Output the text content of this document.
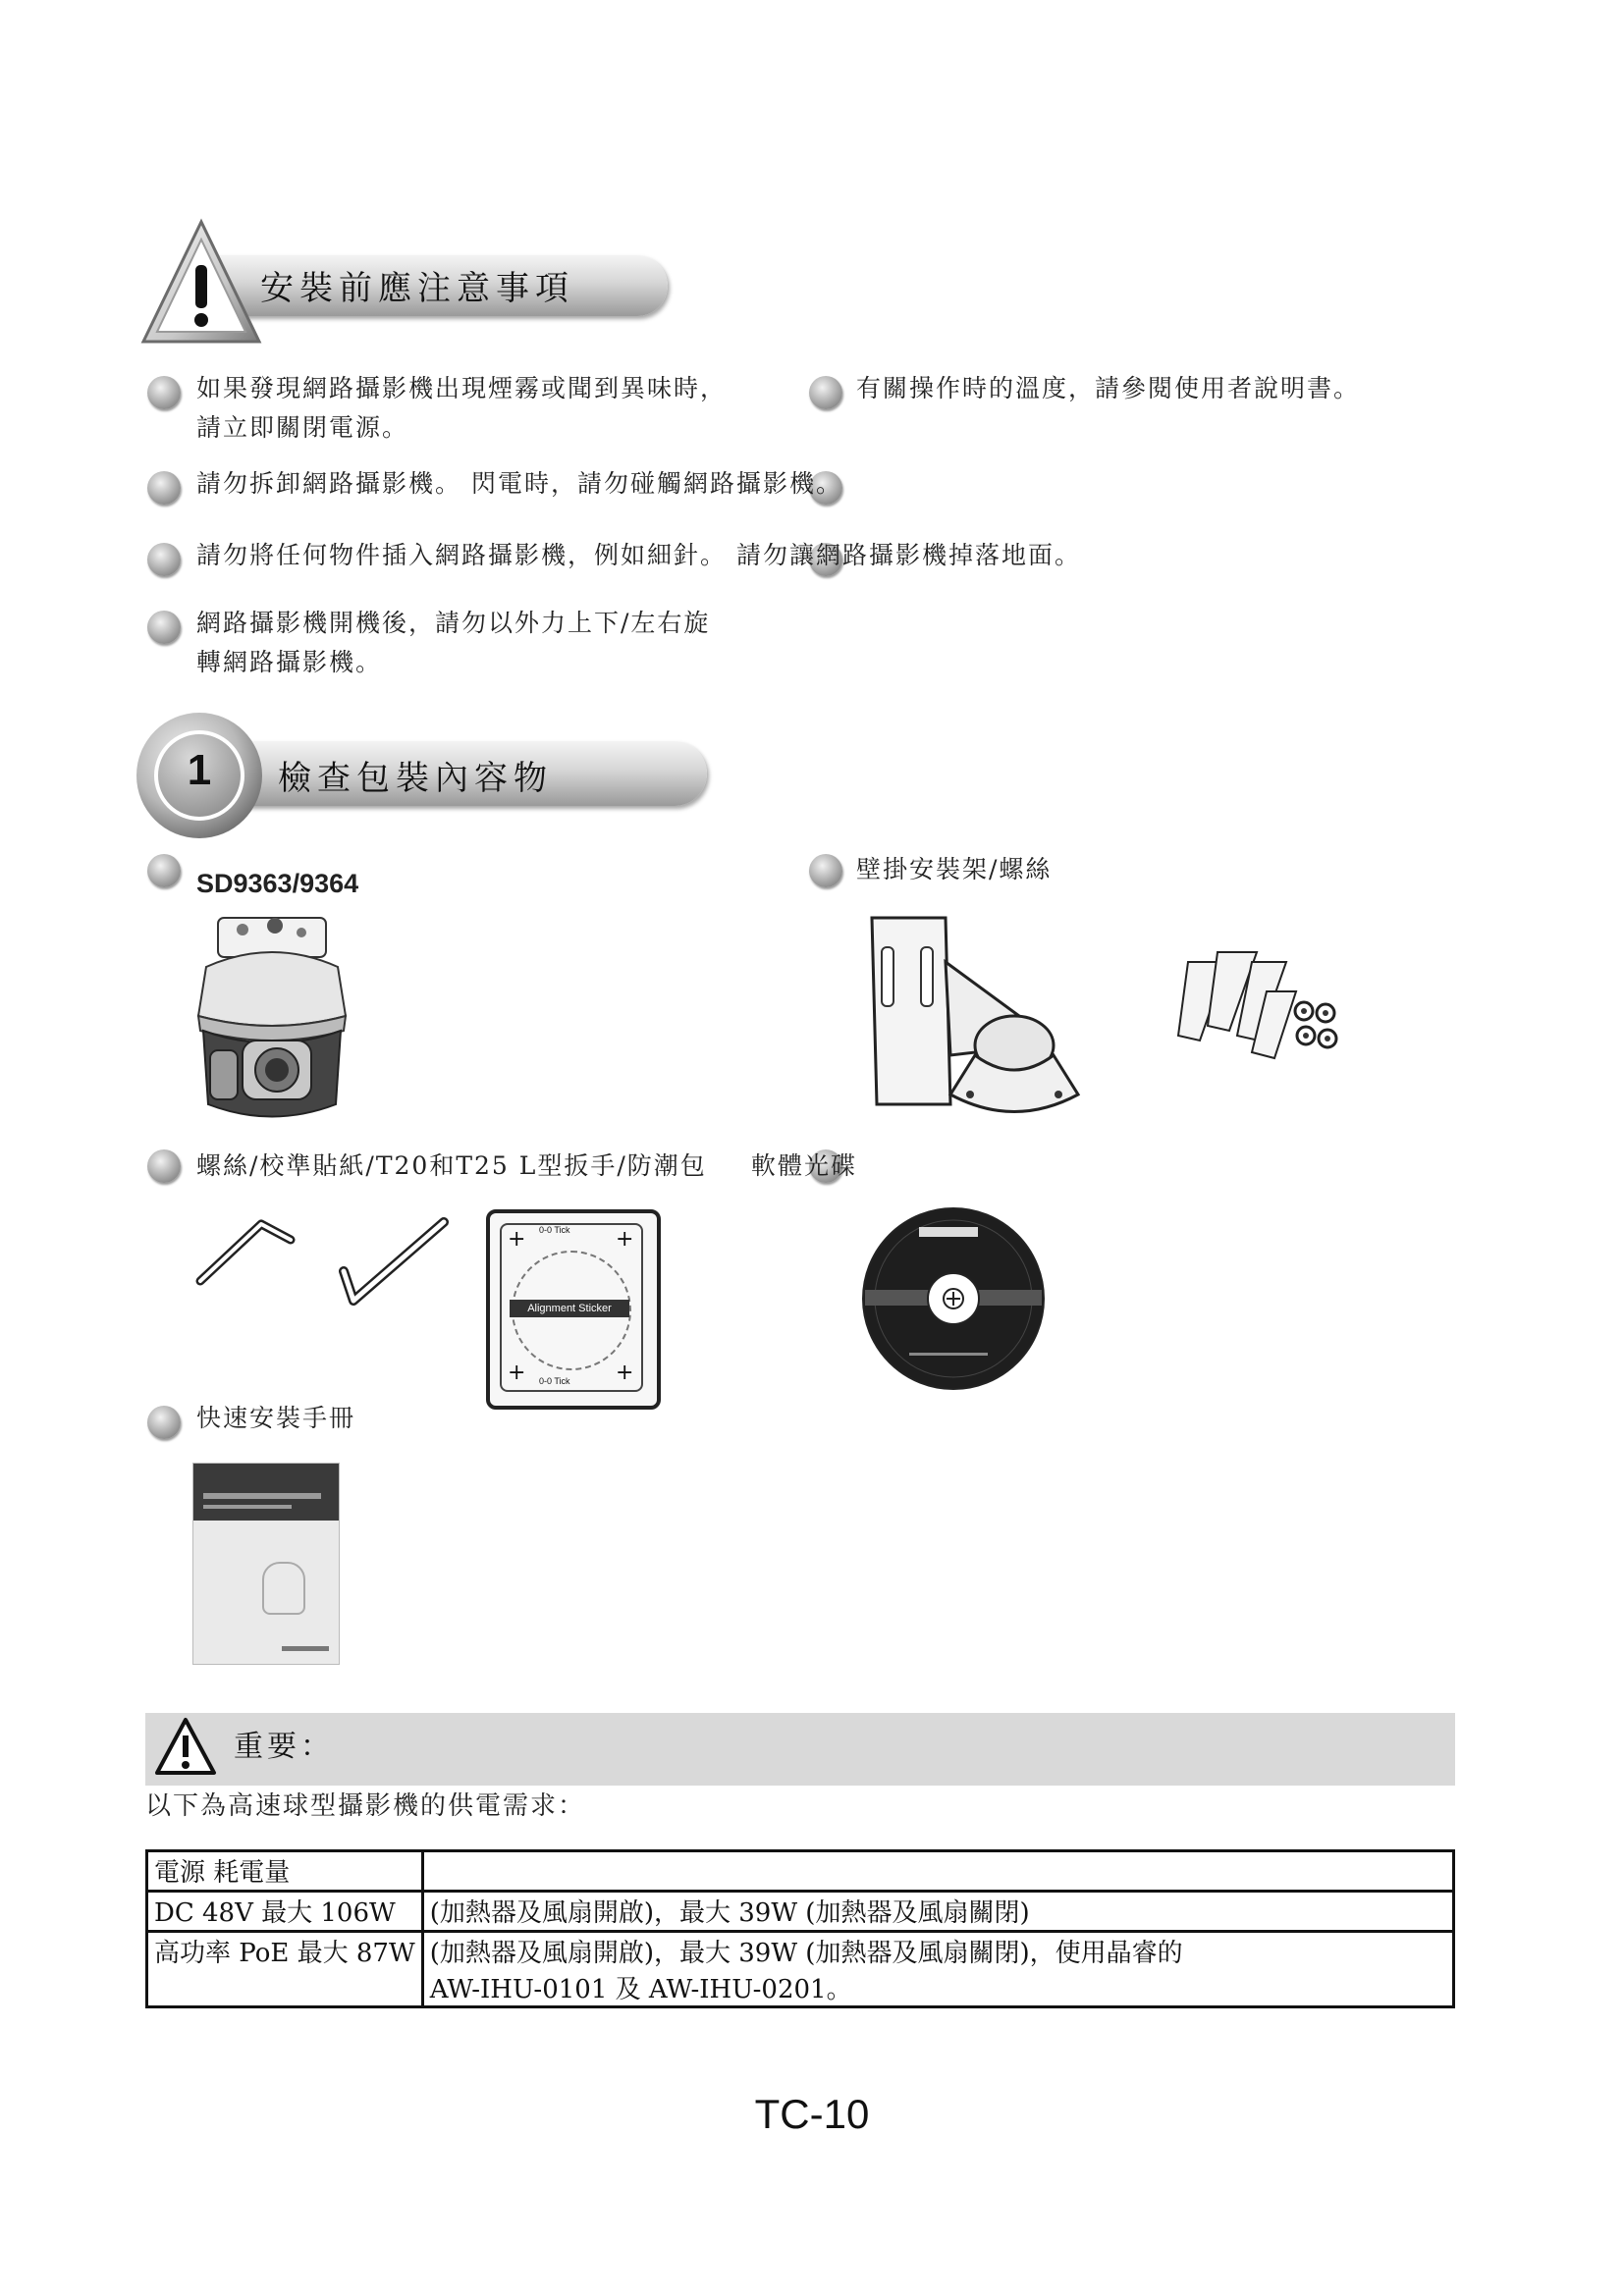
安裝前應注意事項
如果發現網路攝影機出現煙霧或聞到異味時，
請立即關閉電源。
有關操作時的溫度，請參閱使用者說明書。
請勿拆卸網路攝影機。 閃電時，請勿碰觸網路攝影機。
請勿將任何物件插入網路攝影機，例如細針。 請勿讓網路攝影機掉落地面。
網路攝影機開機後，請勿以外力上下/左右旋
轉網路攝影機。
1 檢查包裝內容物
SD9363/9364	壁掛安裝架/螺絲
螺絲/校準貼紙/T20和T25 L型扳手/防潮包 軟體光碟
Alignment Sticker
0-0 Tick
0-0 Tick
+	+
+	+
快速安裝手冊
重要：
以下為高速球型攝影機的供電需求：
電源 耗電量	
DC 48V 最大 106W	(加熱器及風扇開啟)，最大 39W (加熱器及風扇關閉)
高功率 PoE 最大 87W	(加熱器及風扇開啟)，最大 39W (加熱器及風扇關閉)，使用晶睿的
AW-IHU-0101 及 AW-IHU-0201。
TC-10
